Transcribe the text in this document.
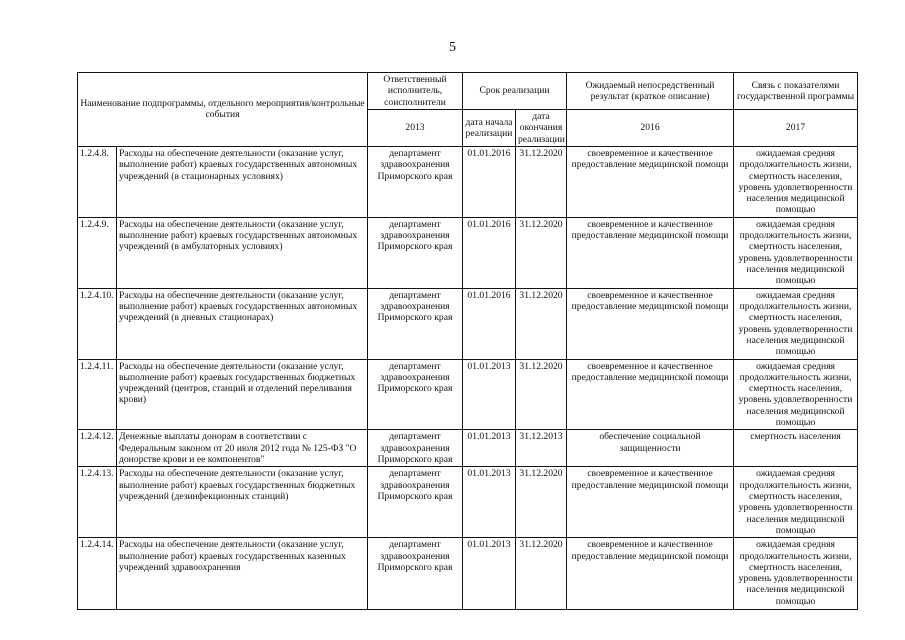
5
Наименование подпрограммы, отдельного мероприятия/контрольные события		Ответственный исполнитель, соисполнители	Срок реализации		Ожидаемый непосредственный результат (краткое описание)	Связь с показателями государственной программы
		2013	дата начала реализации	дата окончания реализации	2016	2017
1.2.4.8.	Расходы на обеспечение деятельности (оказание услуг, выполнение работ) краевых государственных автономных учреждений (в стационарных условиях)	департамент здравоохранения Приморского края	01.01.2016	31.12.2020	своевременное и качественное предоставление медицинской помощи	ожидаемая средняя продолжительность жизни, смертность населения, уровень удовлетворенности населения медицинской помощью
1.2.4.9.	Расходы на обеспечение деятельности (оказание услуг, выполнение работ) краевых государственных автономных учреждений (в амбулаторных условиях)	департамент здравоохранения Приморского края	01.01.2016	31.12.2020	своевременное и качественное предоставление медицинской помощи	ожидаемая средняя продолжительность жизни, смертность населения, уровень удовлетворенности населения медицинской помощью
1.2.4.10.	Расходы на обеспечение деятельности (оказание услуг, выполнение работ) краевых государственных автономных учреждений (в дневных стационарах)	департамент здравоохранения Приморского края	01.01.2016	31.12.2020	своевременное и качественное предоставление медицинской помощи	ожидаемая средняя продолжительность жизни, смертность населения, уровень удовлетворенности населения медицинской помощью
1.2.4.11.	Расходы на обеспечение деятельности (оказание услуг, выполнение работ) краевых государственных бюджетных учреждений (центров, станций и отделений переливания крови)	департамент здравоохранения Приморского края	01.01.2013	31.12.2020	своевременное и качественное предоставление медицинской помощи	ожидаемая средняя продолжительность жизни, смертность населения, уровень удовлетворенности населения медицинской помощью
1.2.4.12.	Денежные выплаты донорам в соответствии с Федеральным законом от 20 июля 2012 года № 125-ФЗ "О донорстве крови и ее компонентов"	департамент здравоохранения Приморского края	01.01.2013	31.12.2013	обеспечение социальной защищенности	смертность населения
1.2.4.13.	Расходы на обеспечение деятельности (оказание услуг, выполнение работ) краевых государственных бюджетных учреждений (дезинфекционных станций)	департамент здравоохранения Приморского края	01.01.2013	31.12.2020	своевременное и качественное предоставление медицинской помощи	ожидаемая средняя продолжительность жизни, смертность населения, уровень удовлетворенности населения медицинской помощью
1.2.4.14.	Расходы на обеспечение деятельности (оказание услуг, выполнение работ) краевых государственных казенных учреждений здравоохранения	департамент здравоохранения Приморского края	01.01.2013	31.12.2020	своевременное и качественное предоставление медицинской помощи	ожидаемая средняя продолжительность жизни, смертность населения, уровень удовлетворенности населения медицинской помощью
